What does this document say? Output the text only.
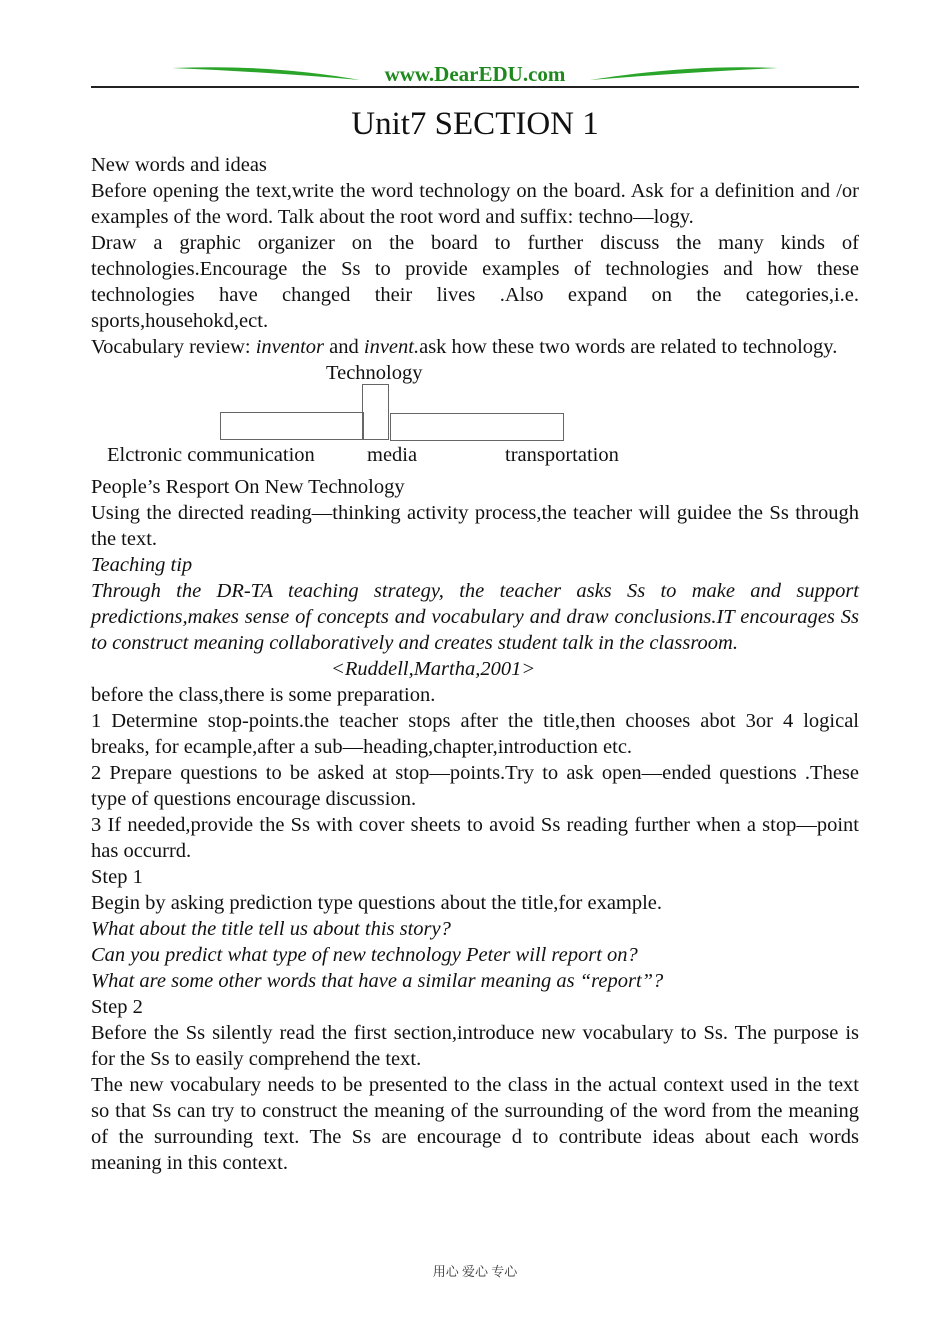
www.DearEDU.com
Unit7 SECTION 1

New words and ideas

Before opening the text,write the word technology on the board. Ask for a definition and /or examples of the word. Talk about the root word and suffix: techno—logy.

Draw a graphic organizer on the board to further discuss the many kinds of technologies.Encourage the Ss to provide examples of technologies and how these technologies have changed their lives .Also expand on the categories,i.e. sports,househokd,ect.

Vocabulary review: inventor and invent.ask how these two words are related to technology.

Technology
Elctronic communication	media	transportation

People’s Resport On New Technology

Using the directed reading—thinking activity process,the teacher will guidee the Ss through the text.

Teaching tip

Through the DR-TA teaching strategy, the teacher asks Ss to make and support predictions,makes sense of concepts and vocabulary and draw conclusions.IT encourages Ss to construct meaning collaboratively and creates student talk in the classroom.

<Ruddell,Martha,2001>

before the class,there is some preparation.

1 Determine stop-points.the teacher stops after the title,then chooses abot 3or 4 logical breaks, for ecample,after a sub—heading,chapter,introduction etc.

2 Prepare questions to be asked at stop—points.Try to ask open—ended questions .These type of questions encourage discussion.

3 If needed,provide the Ss with cover sheets to avoid Ss reading further when a stop—point has occurrd.

Step 1

Begin by asking prediction type questions about the title,for example.

What about the title tell us about this story?

Can you predict what type of new technology Peter will report on?

What are some other words that have a similar meaning as “report”?

Step 2

Before the Ss silently read the first section,introduce new vocabulary to Ss. The purpose is for the Ss to easily comprehend the text.

The new vocabulary needs to be presented to the class in the actual context used in the text so that Ss can try to construct the meaning of the surrounding of the word from the meaning of the surrounding text. The Ss are encourage d to contribute ideas about each words meaning in this context.

用心 爱心 专心
